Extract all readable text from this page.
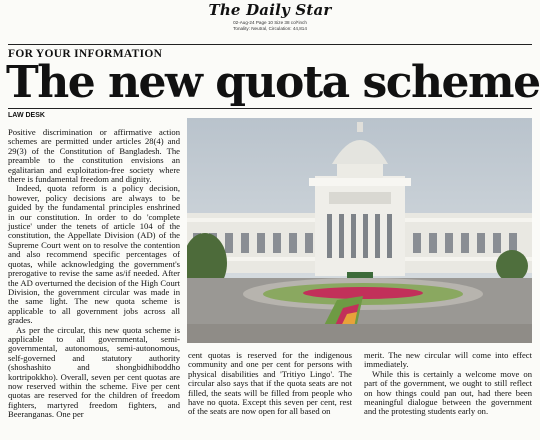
The Daily Star
02-Aug-24 Page 10 Size 38 col*inch
Tonality: Neutral, Circulation: 44,814
FOR YOUR INFORMATION
The new quota scheme
LAW DESK

Positive discrimination or affirmative action schemes are permitted under articles 28(4) and 29(3) of the Constitution of Bangladesh. The preamble to the constitution envisions an egalitarian and exploitation-free society where there is fundamental freedom and dignity.

Indeed, quota reform is a policy decision, however, policy decisions are always to be guided by the fundamental principles enshrined in our constitution. In order to do 'complete justice' under the tenets of article 104 of the constitution, the Appellate Division (AD) of the Supreme Court went on to resolve the contention and also recommend specific percentages of quotas, while acknowledging the government's prerogative to revise the same as/if needed. After the AD overturned the decision of the High Court Division, the government circular was made in the same light. The new quota scheme is applicable to all government jobs across all grades.

As per the circular, this new quota scheme is applicable to all governmental, semi-governmental, autonomous, semi-autonomous, self-governed and statutory authority (shoshashito and shongbidhiboddho kortripokkho). Overall, seven per cent quotas are now reserved within the scheme. Five per cent quotas are reserved for the children of freedom fighters, martyred freedom fighters, and Beeranganas. One per

cent quotas is reserved for the indigenous community and one per cent for persons with physical disabilities and 'Tritiyo Lingo'. The circular also says that if the quota seats are not filled, the seats will be filled from people who have no quota. Except this seven per cent, rest of the seats are now open for all based on

merit. The new circular will come into effect immediately.

While this is certainly a welcome move on part of the government, we ought to still reflect on how things could pan out, had there been meaningful dialogue between the government and the protesting students early on.
